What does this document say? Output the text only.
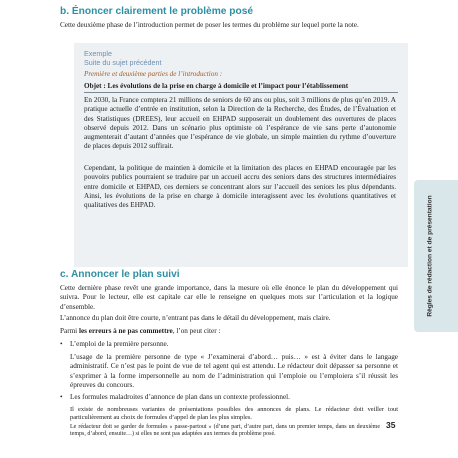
b. Énoncer clairement le problème posé

Cette deuxième phase de l’introduction permet de poser les termes du problème sur lequel porte la note.

Exemple
Suite du sujet précédent

Première et deuxième parties de l’introduction :

Objet : Les évolutions de la prise en charge à domicile et l’impact pour l’établissement

En 2030, la France comptera 21 millions de seniors de 60 ans ou plus, soit 3 millions de plus qu’en 2019. A pratique actuelle d’entrée en institution, selon la Direction de la Recherche, des Études, de l’Évaluation et des Statistiques (DREES), leur accueil en EHPAD supposerait un doublement des ouvertures de places observé depuis 2012. Dans un scénario plus optimiste où l’espérance de vie sans perte d’autonomie augmenterait d’autant d’années que l’espérance de vie globale, un simple maintien du rythme d’ouverture de places depuis 2012 suffirait.

Cependant, la politique de maintien à domicile et la limitation des places en EHPAD encouragée par les pouvoirs publics pourraient se traduire par un accueil accru des seniors dans des structures intermédiaires entre domicile et EHPAD, ces derniers se concentrant alors sur l’accueil des seniors les plus dépendants. Ainsi, les évolutions de la prise en charge à domicile interagissent avec les évolutions quantitatives et qualitatives des EHPAD.

c. Annoncer le plan suivi

Cette dernière phase revêt une grande importance, dans la mesure où elle énonce le plan du développement qui suivra. Pour le lecteur, elle est capitale car elle le renseigne en quelques mots sur l’articulation et la logique d’ensemble.

L’annonce du plan doit être courte, n’entrant pas dans le détail du développement, mais claire.

Parmi les erreurs à ne pas commettre, l’on peut citer :

• L’emploi de la première personne.

L’usage de la première personne de type « J’examinerai d’abord… puis… » est à éviter dans le langage administratif. Ce n’est pas le point de vue de tel agent qui est attendu. Le rédacteur doit dépasser sa personne et s’exprimer à la forme impersonnelle au nom de l’administration qui l’emploie ou l’emploiera s’il réussit les épreuves du concours.

• Les formules maladroites d’annonce de plan dans un contexte professionnel.

Il existe de nombreuses variantes de présentations possibles des annonces de plans. Le rédacteur doit veiller tout particulièrement au choix de formules d’appel de plan les plus simples.

Le rédacteur doit se garder de formules « passe-partout » (d’une part, d’autre part, dans un premier temps, dans un deuxième temps, d’abord, ensuite…) si elles ne sont pas adaptées aux termes du problème posé.

Règles de rédaction et de présentation
35
